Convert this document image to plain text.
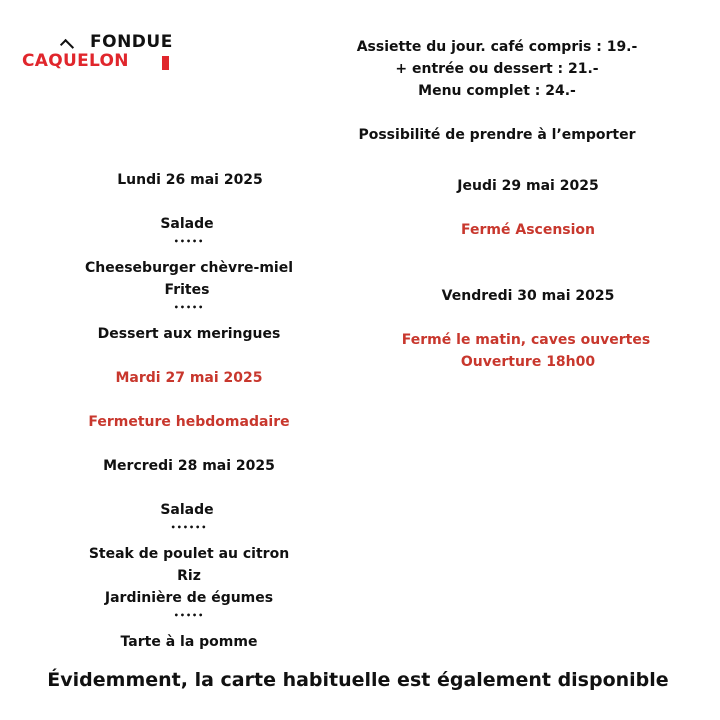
FONDUE
CAQUELON
Assiette du jour. café compris : 19.-
+ entrée ou dessert : 21.-
Menu complet : 24.-
Possibilité de prendre à l’emporter
Lundi 26 mai 2025
Salade
•••••
Cheeseburger chèvre-miel
Frites
•••••
Dessert aux meringues
Mardi 27 mai 2025
Fermeture hebdomadaire
Mercredi 28 mai 2025
Salade
••••••
Steak de poulet au citron
Riz
Jardinière de égumes
•••••
Tarte à la pomme
Jeudi 29 mai 2025
Fermé Ascension
Vendredi 30 mai 2025
Fermé le matin, caves ouvertes
Ouverture 18h00
Évidemment, la carte habituelle est également disponible
